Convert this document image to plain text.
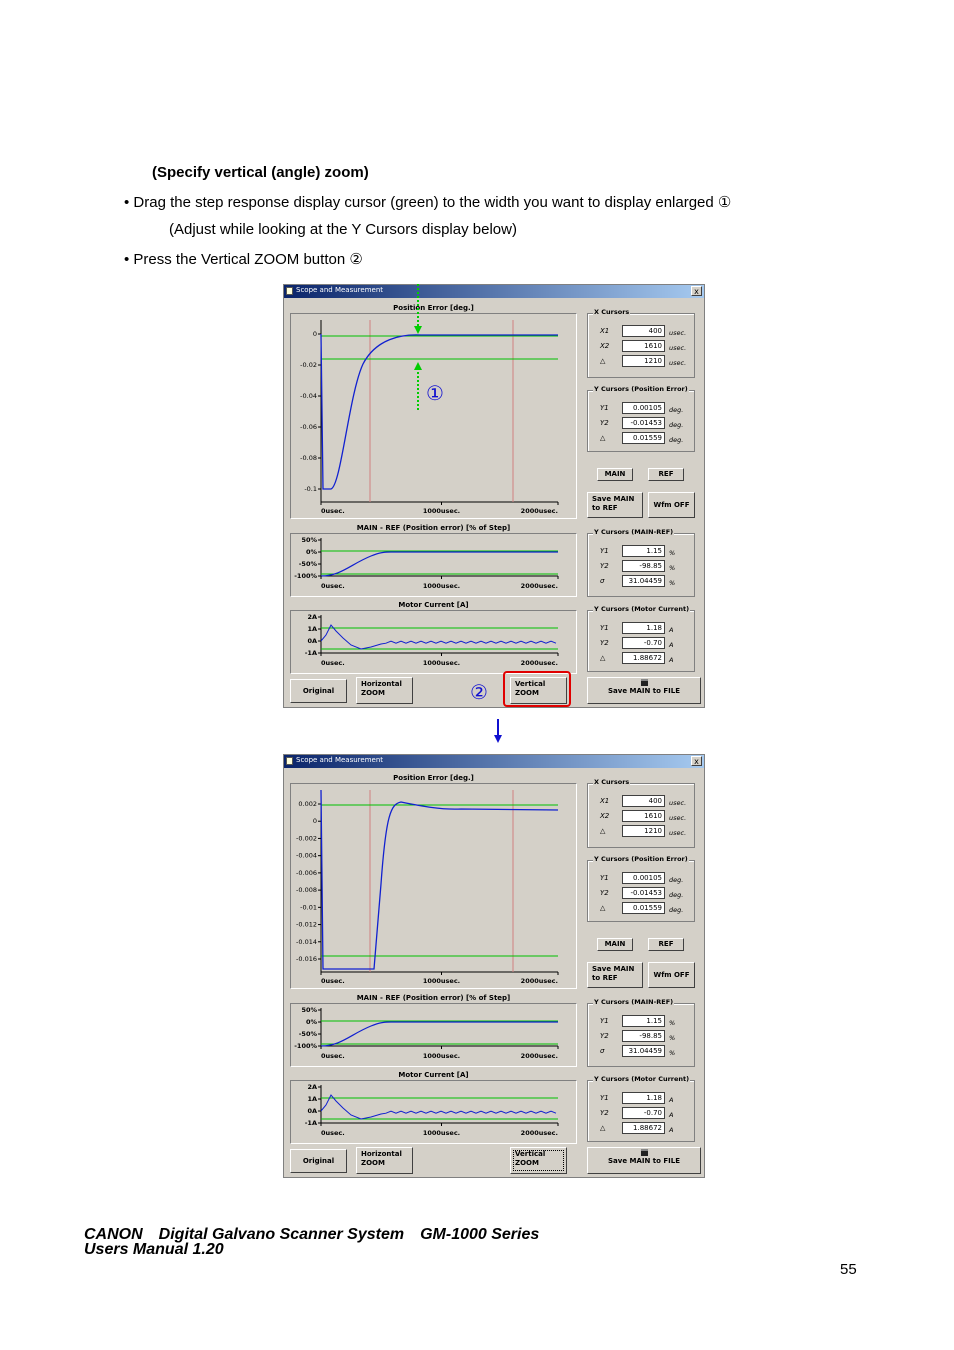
(Specify vertical (angle) zoom)
• Drag the step response display cursor (green) to the width you want to display enlarged ①
(Adjust while looking at the Y Cursors display below)
• Press the Vertical ZOOM button ②
Scope and Measurement	x
Position Error [deg.]
0
-0.02
-0.04
-0.06
-0.08
-0.1
0usec.	1000usec.	2000usec.
MAIN - REF (Position error) [% of Step]
50%
0%
-50%
-100%
0usec.	1000usec.	2000usec.
Motor Current [A]
2A
1A
0A
-1A
0usec.	1000usec.	2000usec.
X Cursors
X1	400	usec.
X2	1610	usec.
△	1210	usec.
Y Cursors (Position Error)
Y1	0.00105	deg.
Y2	-0.01453	deg.
△	0.01559	deg.
MAIN	REF
Save MAIN
to REF	Wfm OFF
Y Cursors (MAIN-REF)
Y1	1.15	%
Y2	-98.85	%
σ	31.04459	%
Y Cursors (Motor Current)
Y1	1.18	A
Y2	-0.70	A
△	1.88672	A
Original
Horizontal
ZOOM
Vertical
ZOOM	Save MAIN to FILE
Scope and Measurement	x
Position Error [deg.]
0.002
0
-0.002
-0.004
-0.006
-0.008
-0.01
-0.012
-0.014
-0.016
0usec.	1000usec.	2000usec.
MAIN - REF (Position error) [% of Step]
50%
0%
-50%
-100%
0usec.	1000usec.	2000usec.
Motor Current [A]
2A
1A
0A
-1A
0usec.	1000usec.	2000usec.
X Cursors
X1	400	usec.
X2	1610	usec.
△	1210	usec.
Y Cursors (Position Error)
Y1	0.00105	deg.
Y2	-0.01453	deg.
△	0.01559	deg.
MAIN	REF
Save MAIN
to REF	Wfm OFF
Y Cursors (MAIN-REF)
Y1	1.15	%
Y2	-98.85	%
σ	31.04459	%
Y Cursors (Motor Current)
Y1	1.18	A
Y2	-0.70	A
△	1.88672	A
Original
Horizontal
ZOOM
Vertical
ZOOM	Save MAIN to FILE
①
②
CANON　Digital Galvano Scanner System　GM-1000 Series
Users Manual 1.20
55
